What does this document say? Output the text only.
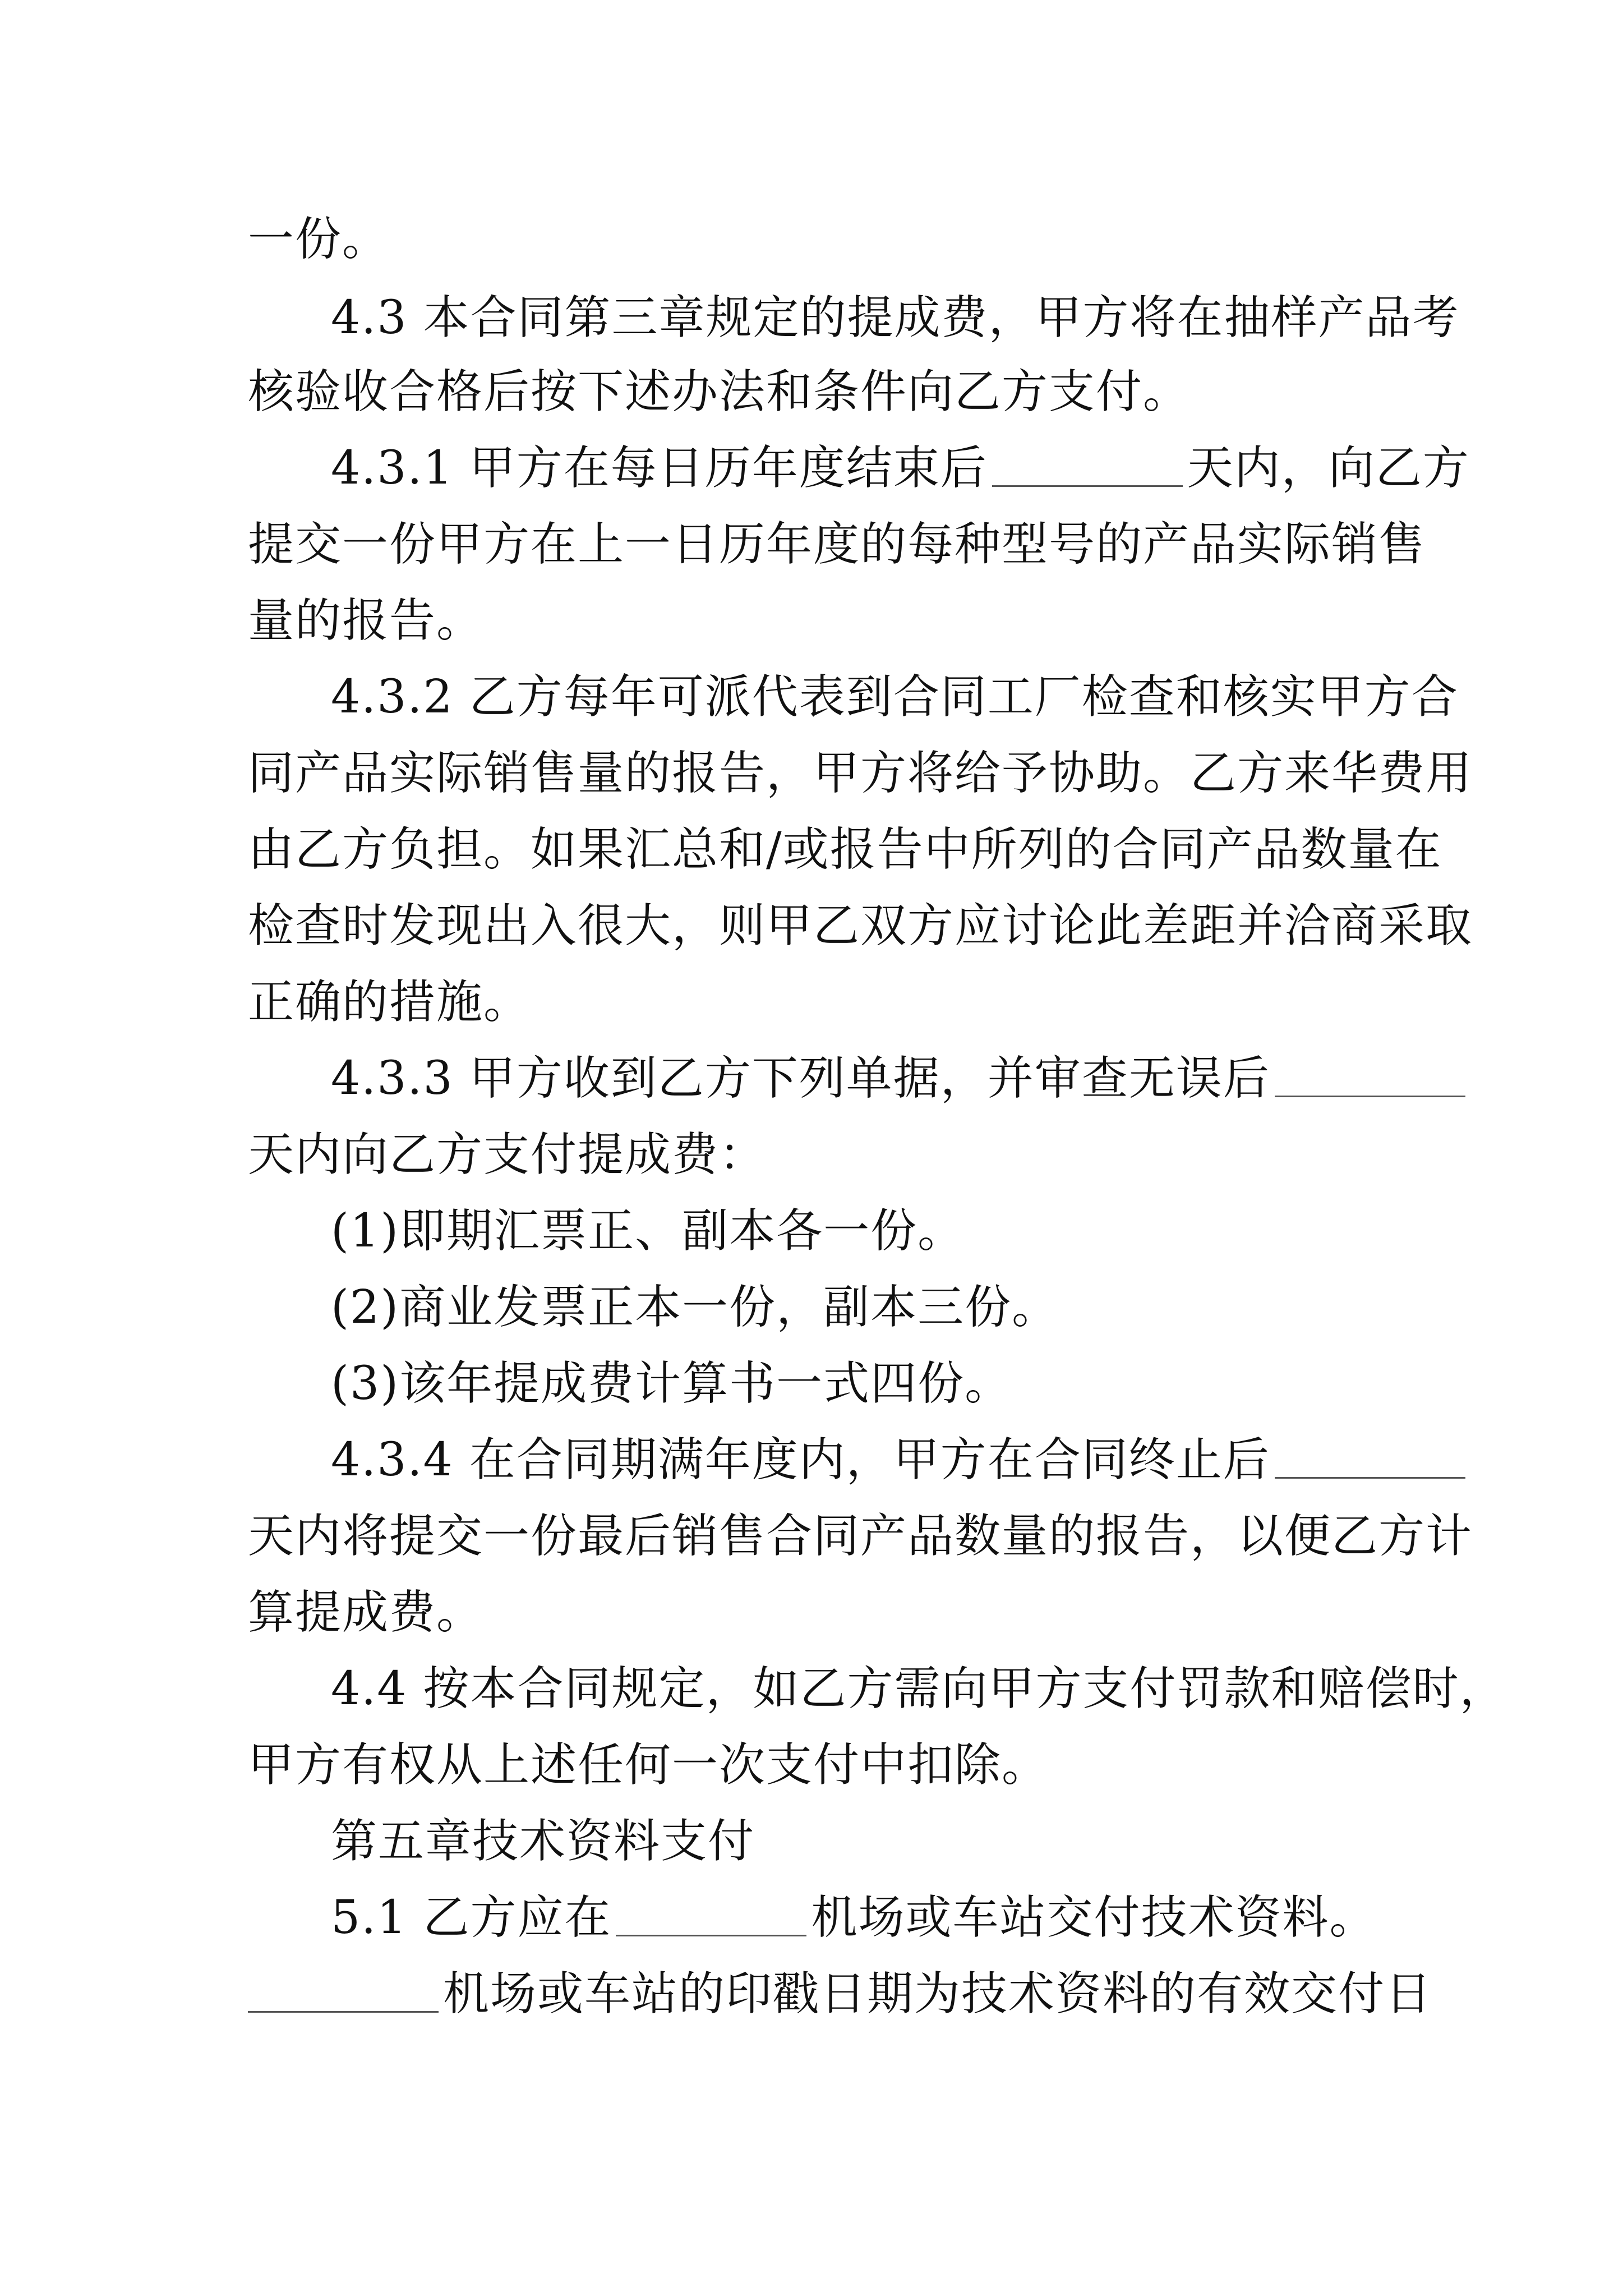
一份。
4.3 本合同第三章规定的提成费，甲方将在抽样产品考
核验收合格后按下述办法和条件向乙方支付。
4.3.1 甲方在每日历年度结束后	天内，向乙方
提交一份甲方在上一日历年度的每种型号的产品实际销售
量的报告。
4.3.2 乙方每年可派代表到合同工厂检查和核实甲方合
同产品实际销售量的报告，甲方将给予协助。乙方来华费用
由乙方负担。如果汇总和/或报告中所列的合同产品数量在
检查时发现出入很大，则甲乙双方应讨论此差距并洽商采取
正确的措施。
4.3.3 甲方收到乙方下列单据，并审查无误后
天内向乙方支付提成费：
(1)即期汇票正、副本各一份。
(2)商业发票正本一份，副本三份。
(3)该年提成费计算书一式四份。
4.3.4 在合同期满年度内，甲方在合同终止后
天内将提交一份最后销售合同产品数量的报告，以便乙方计
算提成费。
4.4 按本合同规定，如乙方需向甲方支付罚款和赔偿时，
甲方有权从上述任何一次支付中扣除。
第五章技术资料支付
5.1 乙方应在	机场或车站交付技术资料。
机场或车站的印戳日期为技术资料的有效交付日
